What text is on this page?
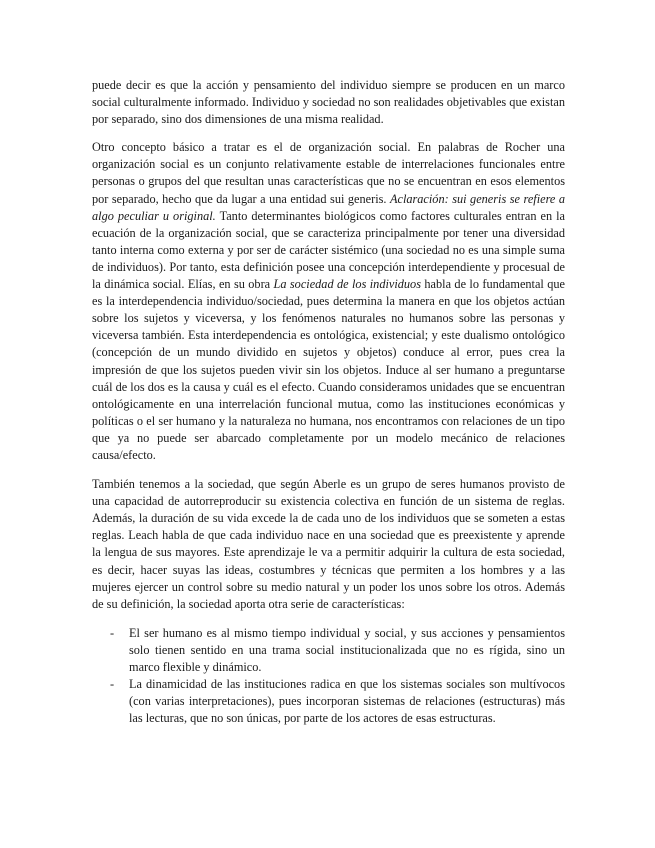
puede decir es que la acción y pensamiento del individuo siempre se producen en un marco social culturalmente informado. Individuo y sociedad no son realidades objetivables que existan por separado, sino dos dimensiones de una misma realidad.

Otro concepto básico a tratar es el de organización social. En palabras de Rocher una organización social es un conjunto relativamente estable de interrelaciones funcionales entre personas o grupos del que resultan unas características que no se encuentran en esos elementos por separado, hecho que da lugar a una entidad sui generis. Aclaración: sui generis se refiere a algo peculiar u original. Tanto determinantes biológicos como factores culturales entran en la ecuación de la organización social, que se caracteriza principalmente por tener una diversidad tanto interna como externa y por ser de carácter sistémico (una sociedad no es una simple suma de individuos). Por tanto, esta definición posee una concepción interdependiente y procesual de la dinámica social. Elías, en su obra La sociedad de los individuos habla de lo fundamental que es la interdependencia individuo/sociedad, pues determina la manera en que los objetos actúan sobre los sujetos y viceversa, y los fenómenos naturales no humanos sobre las personas y viceversa también. Esta interdependencia es ontológica, existencial; y este dualismo ontológico (concepción de un mundo dividido en sujetos y objetos) conduce al error, pues crea la impresión de que los sujetos pueden vivir sin los objetos. Induce al ser humano a preguntarse cuál de los dos es la causa y cuál es el efecto. Cuando consideramos unidades que se encuentran ontológicamente en una interrelación funcional mutua, como las instituciones económicas y políticas o el ser humano y la naturaleza no humana, nos encontramos con relaciones de un tipo que ya no puede ser abarcado completamente por un modelo mecánico de relaciones causa/efecto.

También tenemos a la sociedad, que según Aberle es un grupo de seres humanos provisto de una capacidad de autorreproducir su existencia colectiva en función de un sistema de reglas. Además, la duración de su vida excede la de cada uno de los individuos que se someten a estas reglas. Leach habla de que cada individuo nace en una sociedad que es preexistente y aprende la lengua de sus mayores. Este aprendizaje le va a permitir adquirir la cultura de esta sociedad, es decir, hacer suyas las ideas, costumbres y técnicas que permiten a los hombres y a las mujeres ejercer un control sobre su medio natural y un poder los unos sobre los otros. Además de su definición, la sociedad aporta otra serie de características:

- El ser humano es al mismo tiempo individual y social, y sus acciones y pensamientos solo tienen sentido en una trama social institucionalizada que no es rígida, sino un marco flexible y dinámico.
- La dinamicidad de las instituciones radica en que los sistemas sociales son multívocos (con varias interpretaciones), pues incorporan sistemas de relaciones (estructuras) más las lecturas, que no son únicas, por parte de los actores de esas estructuras.
